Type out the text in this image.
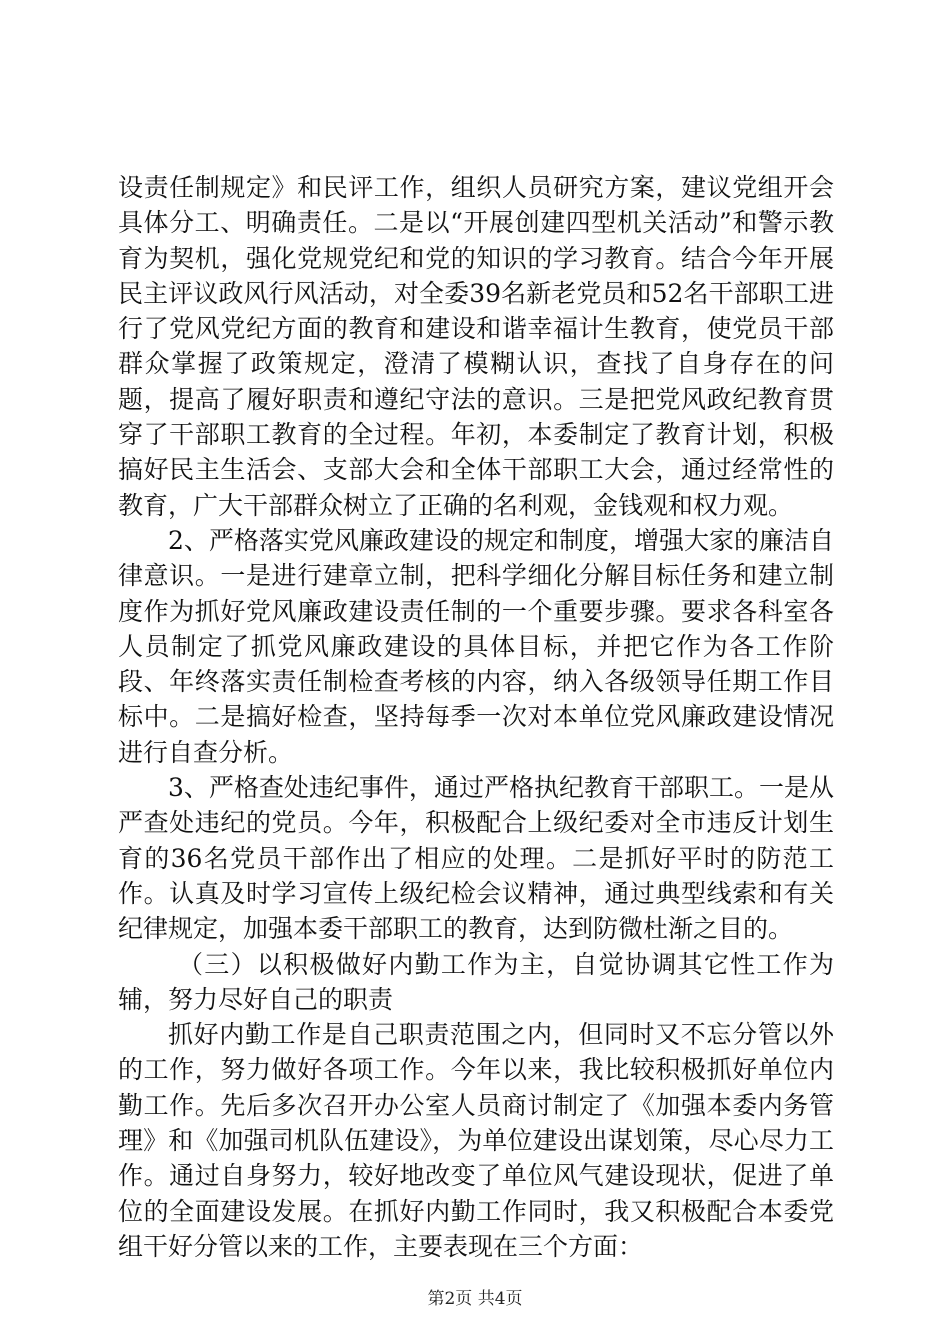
设责任制规定》和民评工作，组织人员研究方案，建议党组开会具体分工、明确责任。二是以“开展创建四型机关活动”和警示教育为契机，强化党规党纪和党的知识的学习教育。结合今年开展民主评议政风行风活动，对全委39名新老党员和52名干部职工进行了党风党纪方面的教育和建设和谐幸福计生教育，使党员干部群众掌握了政策规定，澄清了模糊认识，查找了自身存在的问题，提高了履好职责和遵纪守法的意识。三是把党风政纪教育贯穿了干部职工教育的全过程。年初，本委制定了教育计划，积极搞好民主生活会、支部大会和全体干部职工大会，通过经常性的教育，广大干部群众树立了正确的名利观，金钱观和权力观。

2、严格落实党风廉政建设的规定和制度，增强大家的廉洁自律意识。一是进行建章立制，把科学细化分解目标任务和建立制度作为抓好党风廉政建设责任制的一个重要步骤。要求各科室各人员制定了抓党风廉政建设的具体目标，并把它作为各工作阶段、年终落实责任制检查考核的内容，纳入各级领导任期工作目标中。二是搞好检查，坚持每季一次对本单位党风廉政建设情况进行自查分析。

3、严格查处违纪事件，通过严格执纪教育干部职工。一是从严查处违纪的党员。今年，积极配合上级纪委对全市违反计划生育的36名党员干部作出了相应的处理。二是抓好平时的防范工作。认真及时学习宣传上级纪检会议精神，通过典型线索和有关纪律规定，加强本委干部职工的教育，达到防微杜渐之目的。

（三）以积极做好内勤工作为主，自觉协调其它性工作为辅，努力尽好自己的职责

抓好内勤工作是自己职责范围之内，但同时又不忘分管以外的工作，努力做好各项工作。今年以来，我比较积极抓好单位内勤工作。先后多次召开办公室人员商讨制定了《加强本委内务管理》和《加强司机队伍建设》，为单位建设出谋划策，尽心尽力工作。通过自身努力，较好地改变了单位风气建设现状，促进了单位的全面建设发展。在抓好内勤工作同时，我又积极配合本委党组干好分管以来的工作，主要表现在三个方面：

第2页 共4页
